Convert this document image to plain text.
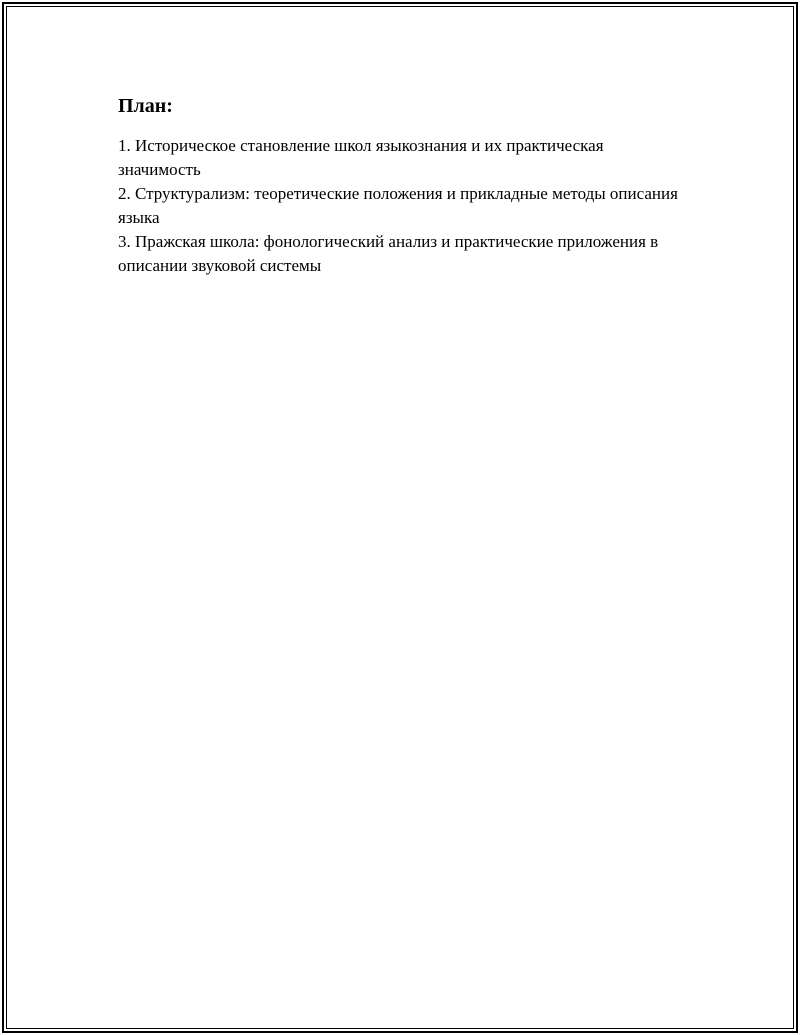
План:
1. Историческое становление школ языкознания и их практическая значимость
2. Структурализм: теоретические положения и прикладные методы описания языка
3. Пражская школа: фонологический анализ и практические приложения в описании звуковой системы
